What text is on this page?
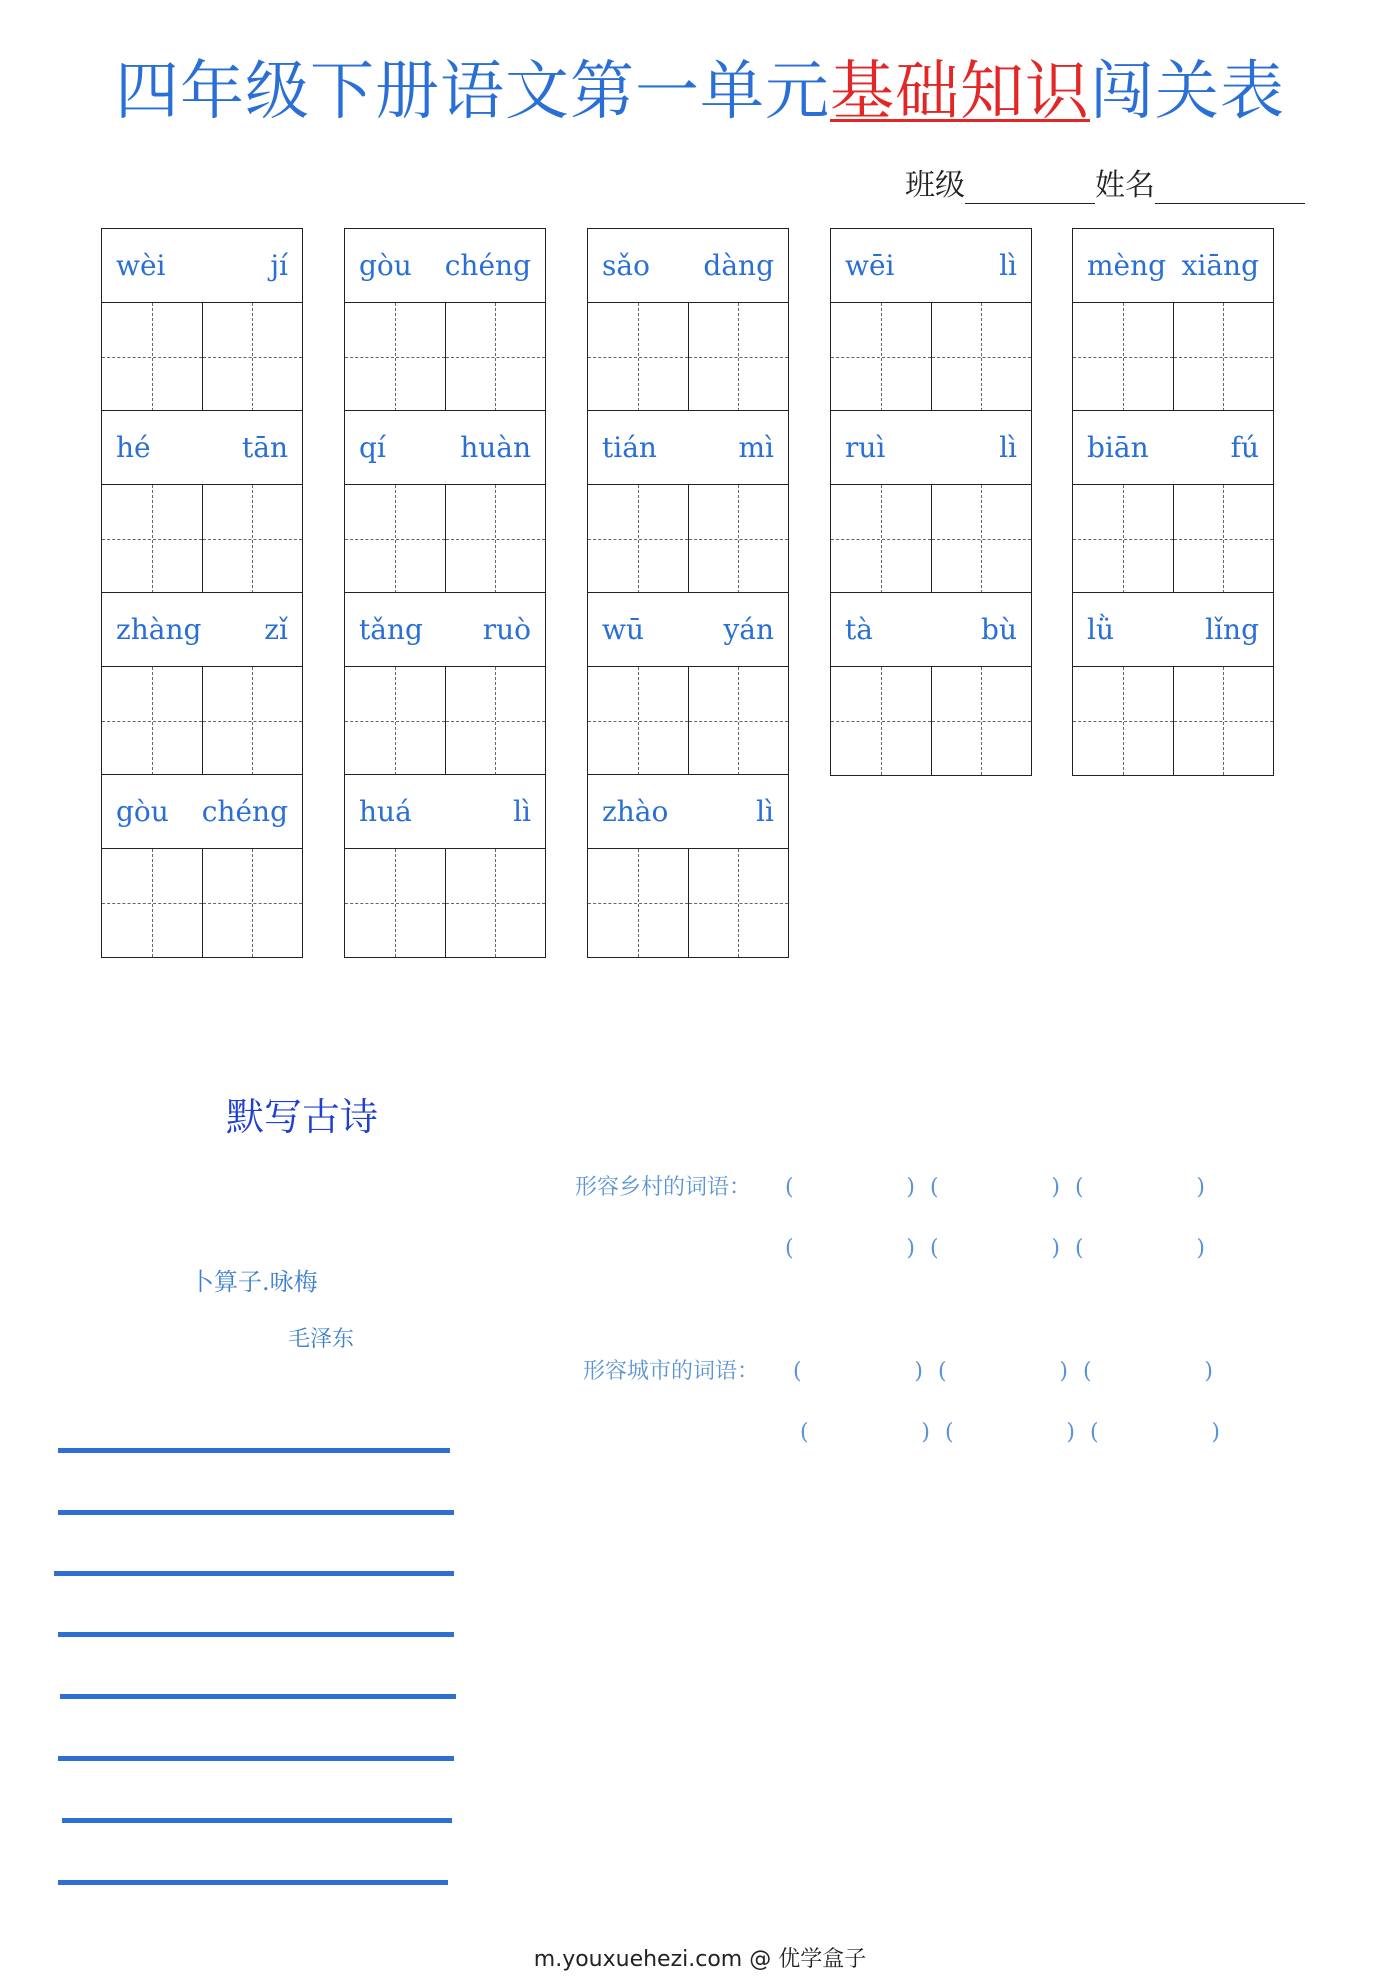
四年级下册语文第一单元基础知识闯关表
班级	姓名
wèi	jí
hé	tān
zhàng zǐ
gòu chéng
gòu chéng
qí	huàn
tǎng ruò
huá	lì
sǎo dàng
tián	mì
wū	yán
zhào	lì
wēi	lì
ruì	lì
tà	bù
mèng xiāng
biān	fú
lǜ	lǐng
默写古诗
卜算子.咏梅
毛泽东
形容乡村的词语： (	) (	) (	)
(	) (	) (	)
形容城市的词语： (	) (	) (	)
(	) (	) (	)
m.youxuehezi.com @ 优学盒子
